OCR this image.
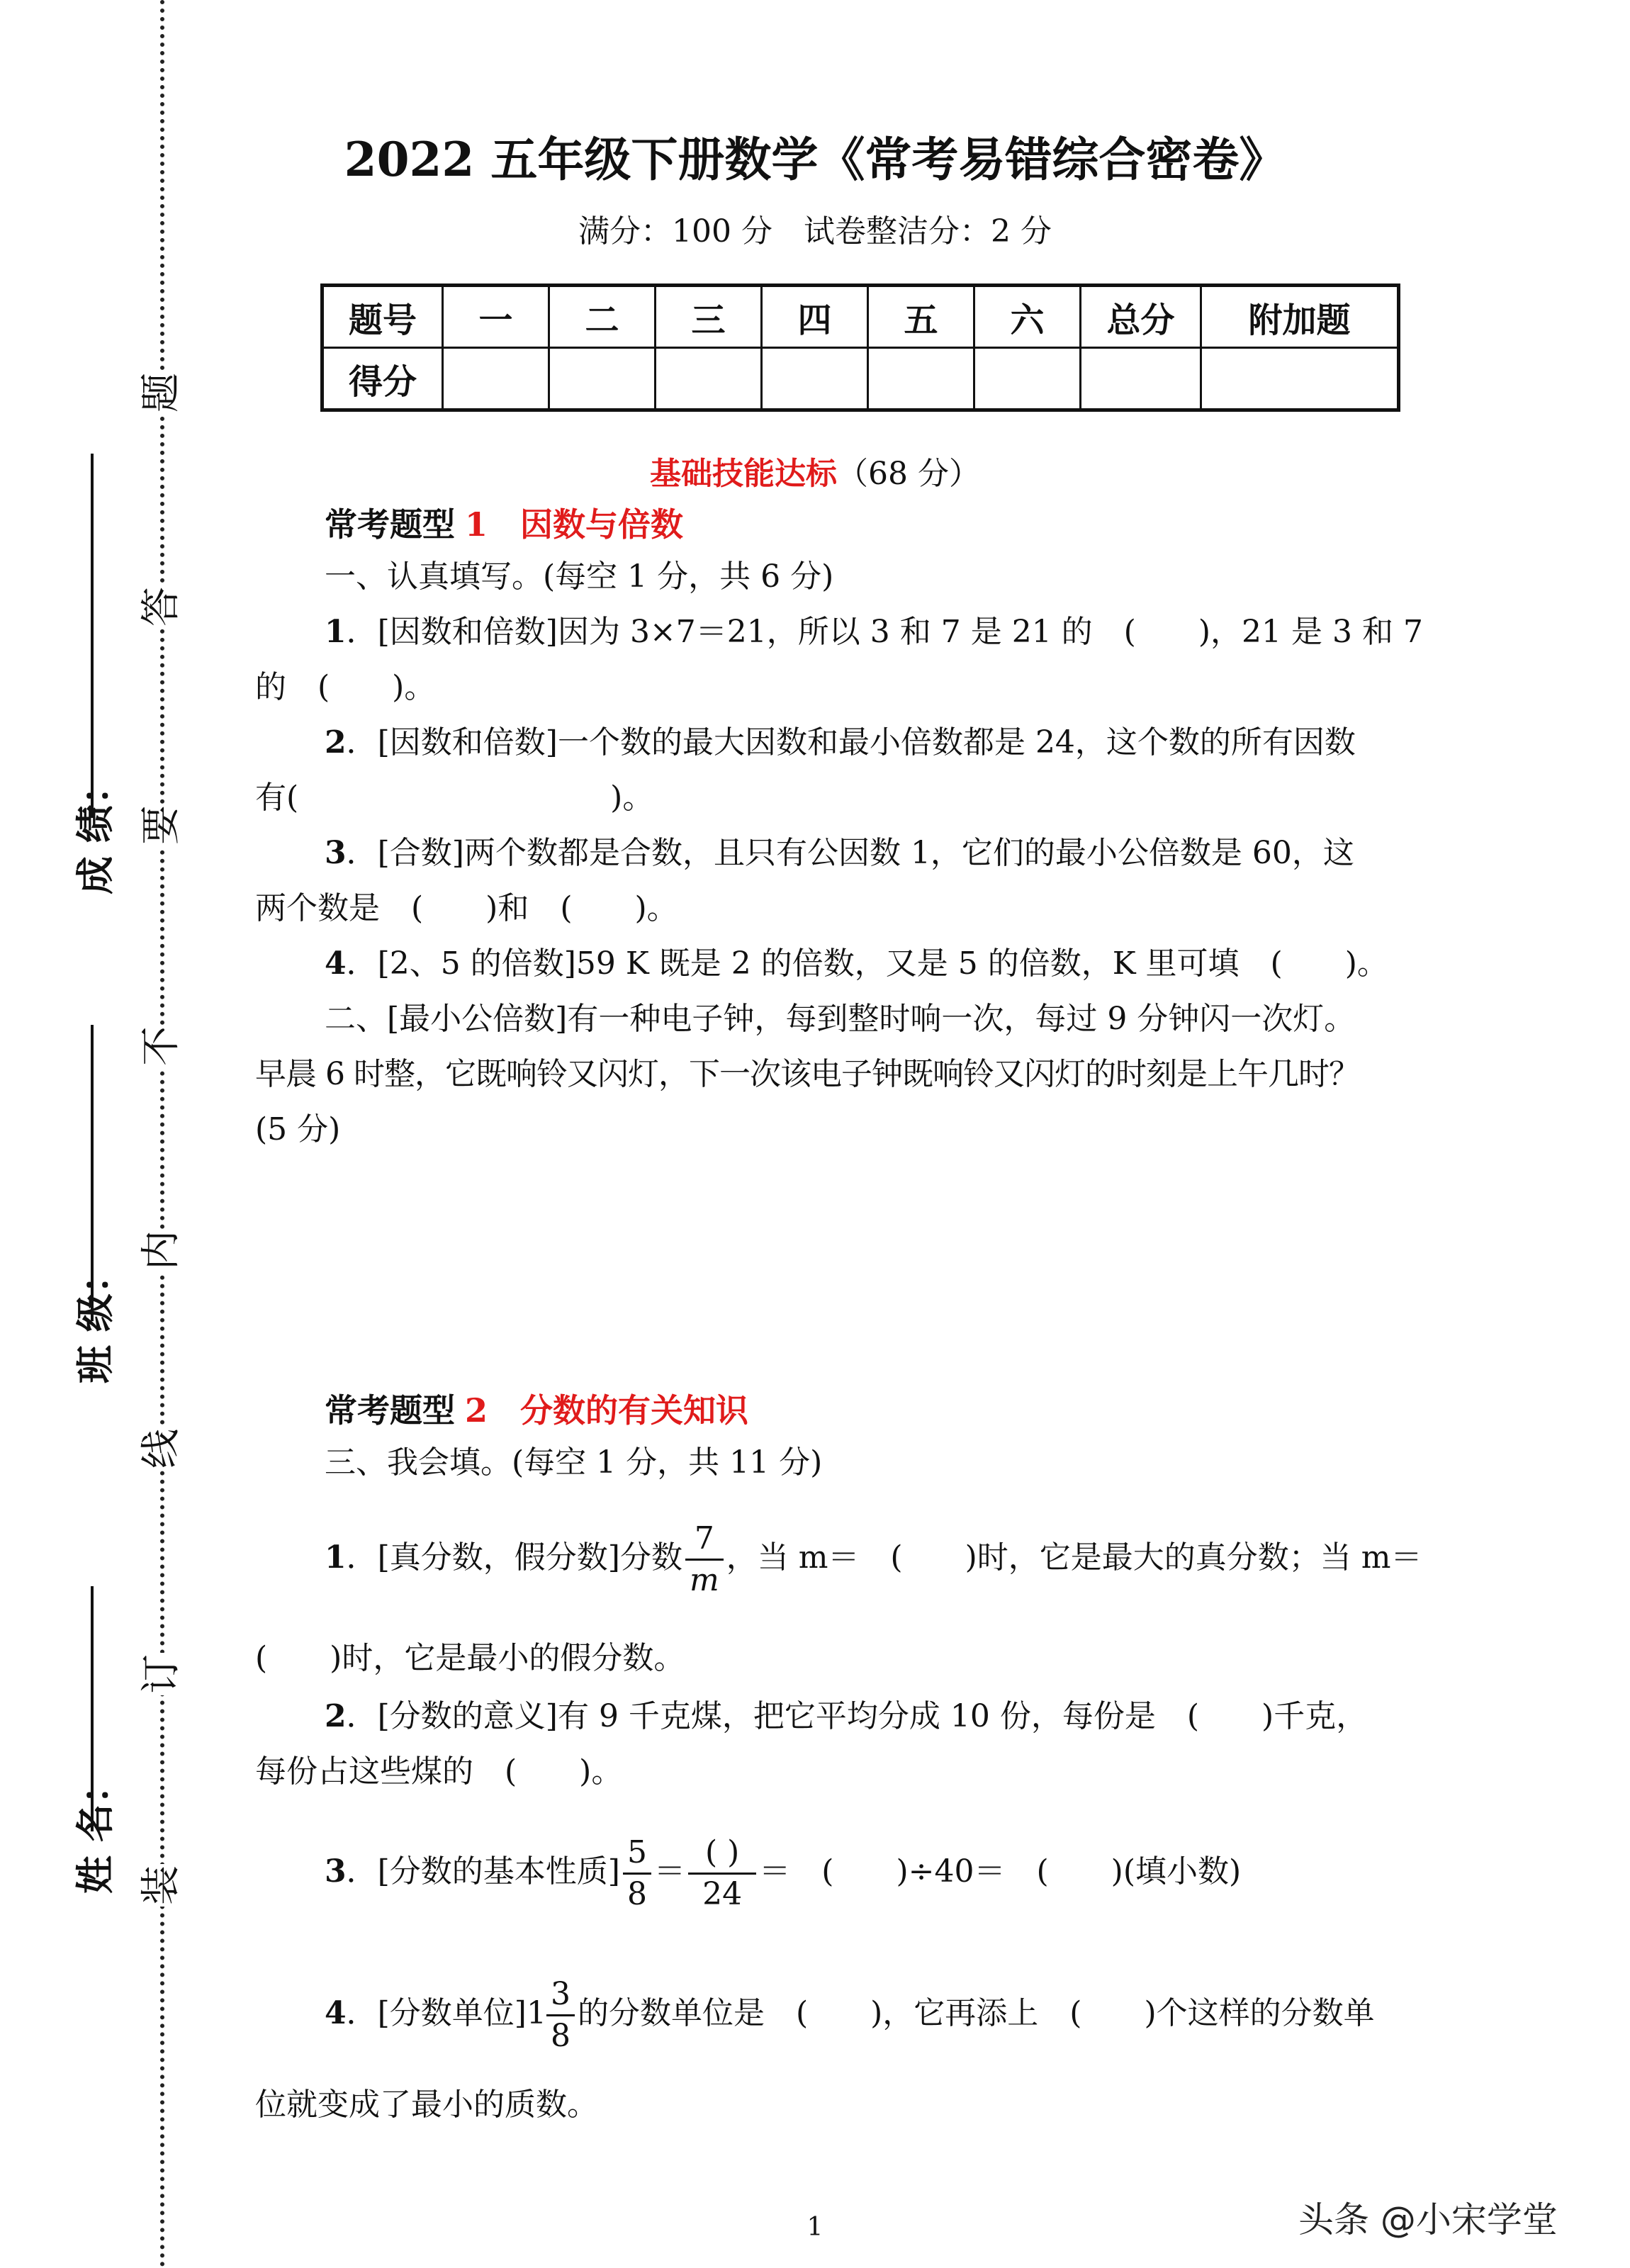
姓 名：
班 级：
成 绩：
装
订
线
内
不
要
答
题
2022 五年级下册数学《常考易错综合密卷》
满分：100 分　试卷整洁分：2 分
题号	一	二	三	四	五	六	总分	附加题
得分								
基础技能达标（68 分）
常考题型 1 因数与倍数
一、认真填写。(每空 1 分，共 6 分)
1．[因数和倍数]因为 3×7＝21，所以 3 和 7 是 21 的　(　　)，21 是 3 和 7
的　(　　)。
2．[因数和倍数]一个数的最大因数和最小倍数都是 24，这个数的所有因数
有(　　　　　　　　　　)。
3．[合数]两个数都是合数，且只有公因数 1，它们的最小公倍数是 60，这
两个数是　(　　)和　(　　)。
4．[2、5 的倍数]59 K 既是 2 的倍数，又是 5 的倍数，K 里可填　(　　)。
二、[最小公倍数]有一种电子钟，每到整时响一次，每过 9 分钟闪一次灯。
早晨 6 时整，它既响铃又闪灯，下一次该电子钟既响铃又闪灯的时刻是上午几时？
(5 分)
常考题型 2 分数的有关知识
三、我会填。(每空 1 分，共 11 分)
1．[真分数，假分数]分数 $\frac{7}{m}$ ，当 m＝　(　　)时，它是最大的真分数；当 m＝
(　　)时，它是最小的假分数。
2．[分数的意义]有 9 千克煤，把它平均分成 10 份，每份是　(　　)千克，
每份占这些煤的　(　　)。
3．[分数的基本性质] $\frac{5}{8} = \frac{( )}{24}$ ＝　(　　)÷40＝　(　　)(填小数)
4．[分数单位]$1 \frac{3}{8}$ 的分数单位是　(　　)，它再添上　(　　)个这样的分数单
位就变成了最小的质数。
1	头条 @小宋学堂
